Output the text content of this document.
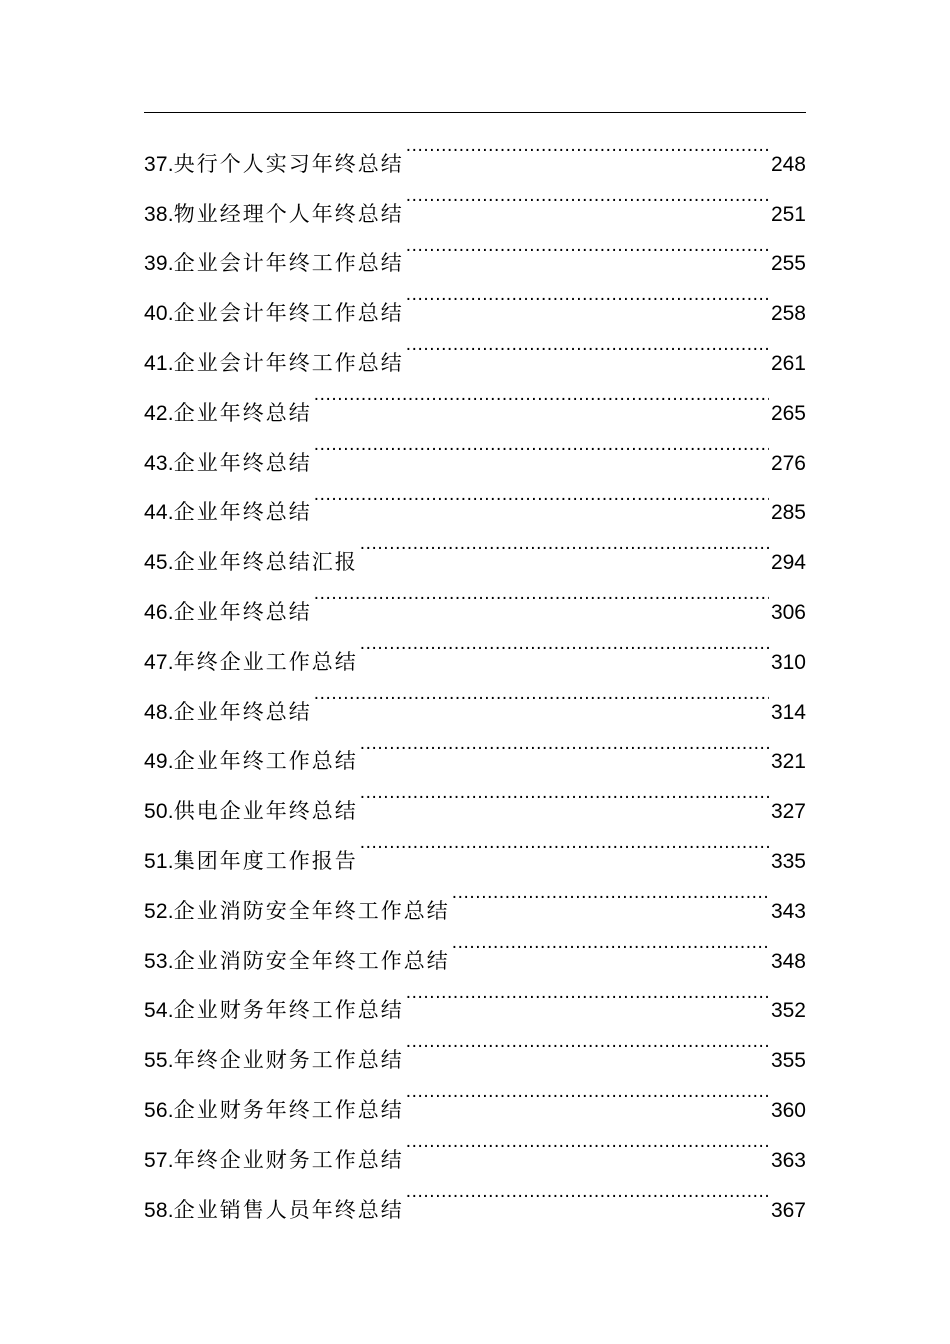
37. 央行个人实习年终总结 .....	248
38. 物业经理个人年终总结 .....	251
39. 企业会计年终工作总结 .....	255
40. 企业会计年终工作总结 .....	258
41. 企业会计年终工作总结 .....	261
42. 企业年终总结 .....	265
43. 企业年终总结 .....	276
44. 企业年终总结 .....	285
45. 企业年终总结汇报 .....	294
46. 企业年终总结 .....	306
47. 年终企业工作总结 .....	310
48. 企业年终总结 .....	314
49. 企业年终工作总结 .....	321
50. 供电企业年终总结 .....	327
51. 集团年度工作报告 .....	335
52. 企业消防安全年终工作总结 .....	343
53. 企业消防安全年终工作总结 .....	348
54. 企业财务年终工作总结 .....	352
55. 年终企业财务工作总结 .....	355
56. 企业财务年终工作总结 .....	360
57. 年终企业财务工作总结 .....	363
58. 企业销售人员年终总结 .....	367
